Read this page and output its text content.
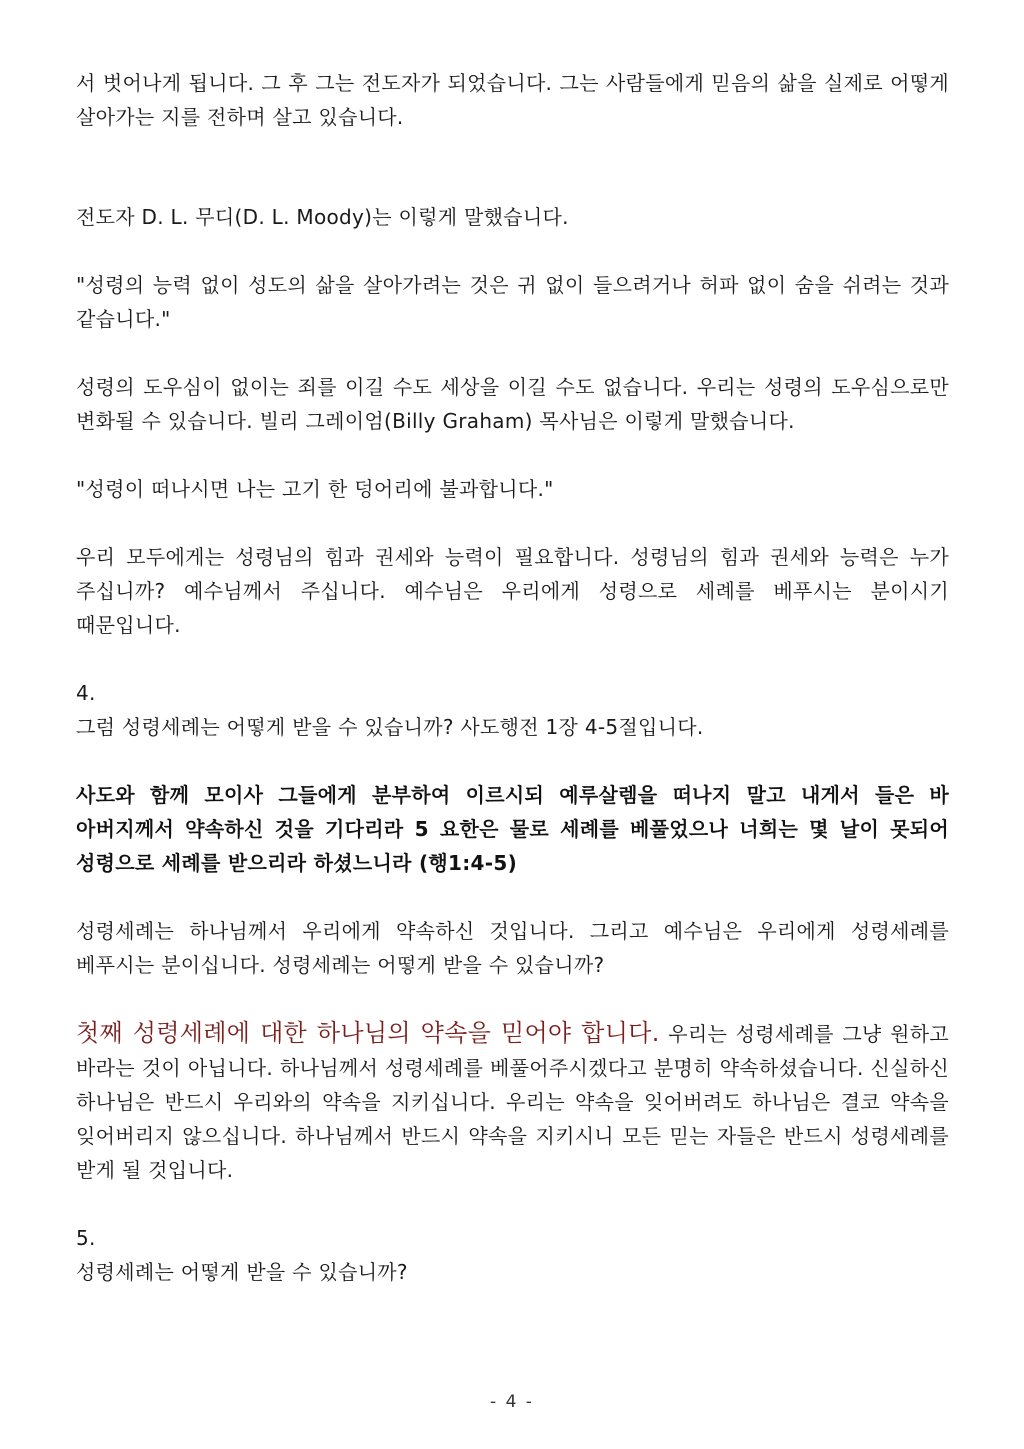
서 벗어나게 됩니다. 그 후 그는 전도자가 되었습니다. 그는 사람들에게 믿음의 삶을 실제로 어떻게 살아가는 지를 전하며 살고 있습니다.

전도자 D. L. 무디(D. L. Moody)는 이렇게 말했습니다.

"성령의 능력 없이 성도의 삶을 살아가려는 것은 귀 없이 들으려거나 허파 없이 숨을 쉬려는 것과 같습니다."

성령의 도우심이 없이는 죄를 이길 수도 세상을 이길 수도 없습니다. 우리는 성령의 도우심으로만 변화될 수 있습니다. 빌리 그레이엄(Billy Graham) 목사님은 이렇게 말했습니다.

"성령이 떠나시면 나는 고기 한 덩어리에 불과합니다."

우리 모두에게는 성령님의 힘과 권세와 능력이 필요합니다. 성령님의 힘과 권세와 능력은 누가 주십니까? 예수님께서 주십니다. 예수님은 우리에게 성령으로 세례를 베푸시는 분이시기 때문입니다.

4.

그럼 성령세례는 어떻게 받을 수 있습니까? 사도행전 1장 4-5절입니다.

사도와 함께 모이사 그들에게 분부하여 이르시되 예루살렘을 떠나지 말고 내게서 들은 바 아버지께서 약속하신 것을 기다리라 5 요한은 물로 세례를 베풀었으나 너희는 몇 날이 못되어 성령으로 세례를 받으리라 하셨느니라 (행1:4-5)

성령세례는 하나님께서 우리에게 약속하신 것입니다. 그리고 예수님은 우리에게 성령세례를 베푸시는 분이십니다. 성령세례는 어떻게 받을 수 있습니까?

첫째 성령세례에 대한 하나님의 약속을 믿어야 합니다. 우리는 성령세례를 그냥 원하고 바라는 것이 아닙니다. 하나님께서 성령세례를 베풀어주시겠다고 분명히 약속하셨습니다. 신실하신 하나님은 반드시 우리와의 약속을 지키십니다. 우리는 약속을 잊어버려도 하나님은 결코 약속을 잊어버리지 않으십니다. 하나님께서 반드시 약속을 지키시니 모든 믿는 자들은 반드시 성령세례를 받게 될 것입니다.

5.

성령세례는 어떻게 받을 수 있습니까?

- 4 -
